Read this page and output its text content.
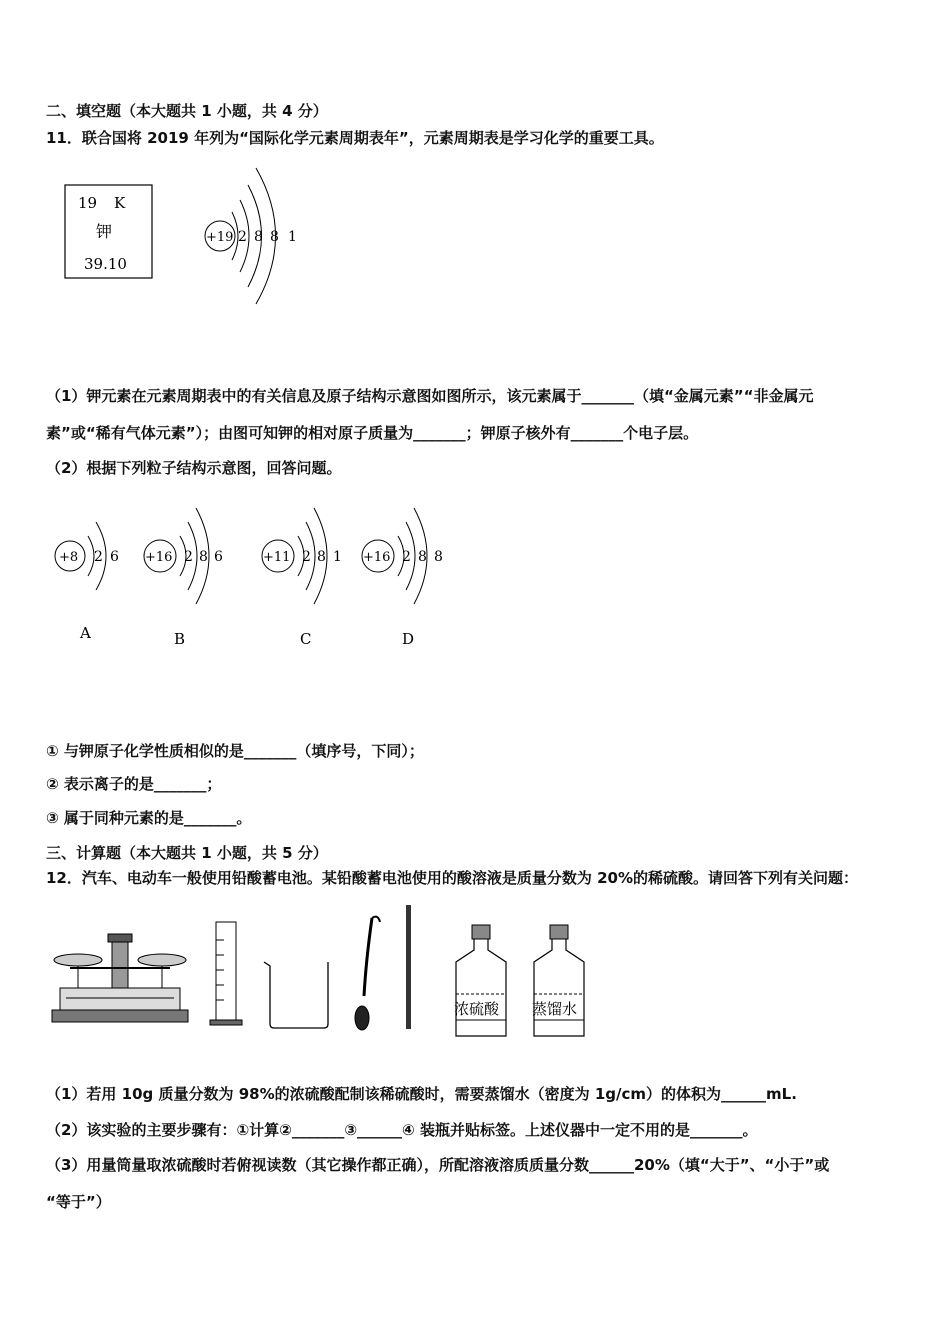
二、填空题（本大题共 1 小题，共 4 分）
11．联合国将 2019 年列为“国际化学元素周期表年”，元素周期表是学习化学的重要工具。
19 K
钾
39.10
+19 2 8 8 1
（1）钾元素在元素周期表中的有关信息及原子结构示意图如图所示，该元素属于_______（填“金属元素”“非金属元
素”或“稀有气体元素”）；由图可知钾的相对原子质量为_______；钾原子核外有_______个电子层。
（2）根据下列粒子结构示意图，回答问题。
+8 2 6
A
+16 2 8 6
B
+11 2 8 1
C
+16 2 8 8
D
① 与钾原子化学性质相似的是_______（填序号，下同）；
② 表示离子的是_______；
③ 属于同种元素的是_______。
三、计算题（本大题共 1 小题，共 5 分）
12．汽车、电动车一般使用铅酸蓄电池。某铅酸蓄电池使用的酸溶液是质量分数为 20%的稀硫酸。请回答下列有关问题：
浓硫酸 蒸馏水
（1）若用 10g 质量分数为 98%的浓硫酸配制该稀硫酸时，需要蒸馏水（密度为 1g/cm）的体积为______mL.
（2）该实验的主要步骤有：①计算②_______③______④ 装瓶并贴标签。上述仪器中一定不用的是_______。
（3）用量筒量取浓硫酸时若俯视读数（其它操作都正确），所配溶液溶质质量分数______20%（填“大于”、“小于”或
“等于”）
